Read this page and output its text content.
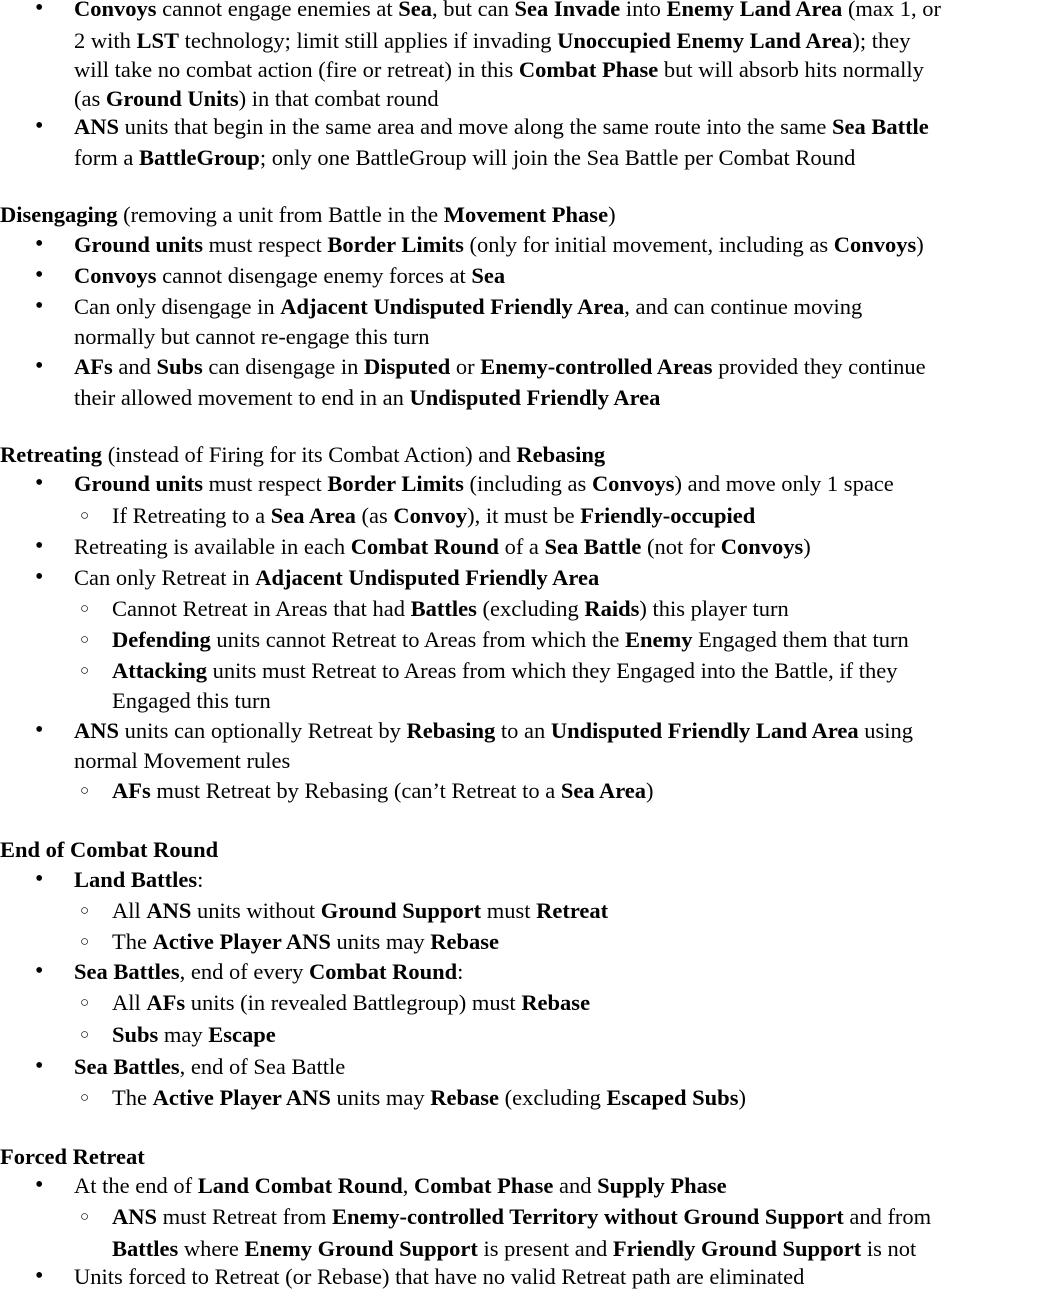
• Convoys cannot engage enemies at Sea, but can Sea Invade into Enemy Land Area (max 1, or
2 with LST technology; limit still applies if invading Unoccupied Enemy Land Area); they
will take no combat action (fire or retreat) in this Combat Phase but will absorb hits normally
(as Ground Units) in that combat round
• ANS units that begin in the same area and move along the same route into the same Sea Battle
form a BattleGroup; only one BattleGroup will join the Sea Battle per Combat Round
Disengaging (removing a unit from Battle in the Movement Phase)
• Ground units must respect Border Limits (only for initial movement, including as Convoys)
• Convoys cannot disengage enemy forces at Sea
• Can only disengage in Adjacent Undisputed Friendly Area, and can continue moving
normally but cannot re-engage this turn
• AFs and Subs can disengage in Disputed or Enemy-controlled Areas provided they continue
their allowed movement to end in an Undisputed Friendly Area
Retreating (instead of Firing for its Combat Action) and Rebasing
• Ground units must respect Border Limits (including as Convoys) and move only 1 space
○ If Retreating to a Sea Area (as Convoy), it must be Friendly-occupied
• Retreating is available in each Combat Round of a Sea Battle (not for Convoys)
• Can only Retreat in Adjacent Undisputed Friendly Area
○ Cannot Retreat in Areas that had Battles (excluding Raids) this player turn
○ Defending units cannot Retreat to Areas from which the Enemy Engaged them that turn
○ Attacking units must Retreat to Areas from which they Engaged into the Battle, if they
Engaged this turn
• ANS units can optionally Retreat by Rebasing to an Undisputed Friendly Land Area using
normal Movement rules
○ AFs must Retreat by Rebasing (can’t Retreat to a Sea Area)
End of Combat Round
• Land Battles:
○ All ANS units without Ground Support must Retreat
○ The Active Player ANS units may Rebase
• Sea Battles, end of every Combat Round:
○ All AFs units (in revealed Battlegroup) must Rebase
○ Subs may Escape
• Sea Battles, end of Sea Battle
○ The Active Player ANS units may Rebase (excluding Escaped Subs)
Forced Retreat
• At the end of Land Combat Round, Combat Phase and Supply Phase
○ ANS must Retreat from Enemy-controlled Territory without Ground Support and from
Battles where Enemy Ground Support is present and Friendly Ground Support is not
• Units forced to Retreat (or Rebase) that have no valid Retreat path are eliminated
